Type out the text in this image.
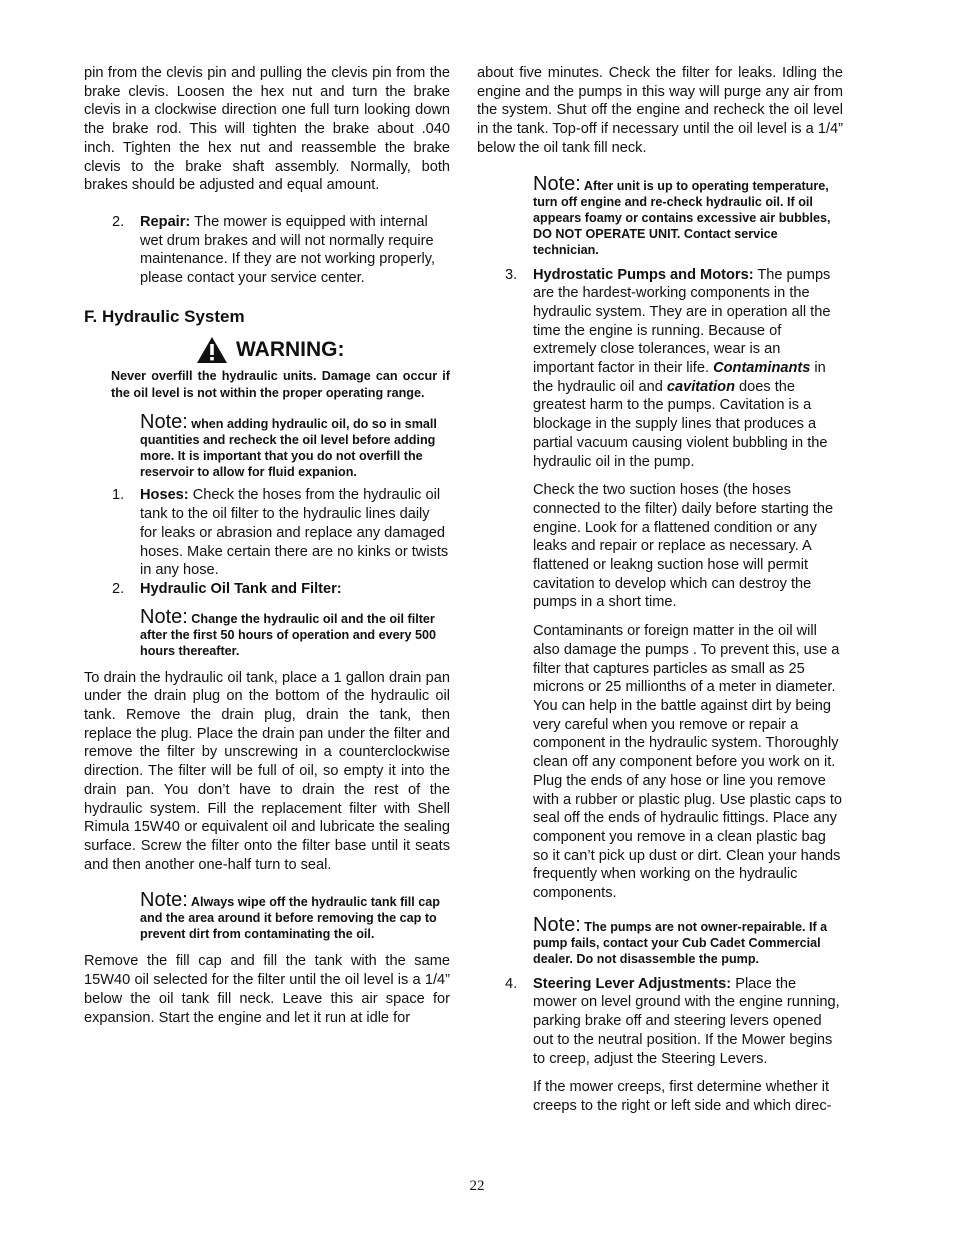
pin from the clevis pin and pulling the clevis pin from the brake clevis. Loosen the hex nut and turn the brake clevis in a clockwise direction one full turn looking down the brake rod. This will tighten the brake about .040 inch. Tighten the hex nut and reassemble the brake clevis to the brake shaft assembly. Normally, both brakes should be adjusted and equal amount.

2. Repair: The mower is equipped with internal wet drum brakes and will not normally require maintenance. If they are not working properly, please contact your service center.
F. Hydraulic System
WARNING:

Never overfill the hydraulic units. Damage can occur if the oil level is not within the proper operating range.

Note: when adding hydraulic oil, do so in small quantities and recheck the oil level before adding more. It is important that you do not overfill the reservoir to allow for fluid expanion.

1. Hoses: Check the hoses from the hydraulic oil tank to the oil filter to the hydraulic lines daily for leaks or abrasion and replace any damaged hoses. Make certain there are no kinks or twists in any hose.
2. Hydraulic Oil Tank and Filter:

Note: Change the hydraulic oil and the oil filter after the first 50 hours of operation and every 500 hours thereafter.

To drain the hydraulic oil tank, place a 1 gallon drain pan under the drain plug on the bottom of the hydraulic oil tank. Remove the drain plug, drain the tank, then replace the plug. Place the drain pan under the filter and remove the filter by unscrewing in a counterclockwise direction. The filter will be full of oil, so empty it into the drain pan. You don’t have to drain the rest of the hydraulic system. Fill the replacement filter with Shell Rimula 15W40 or equivalent oil and lubricate the sealing surface. Screw the filter onto the filter base until it seats and then another one-half turn to seal.

Note: Always wipe off the hydraulic tank fill cap and the area around it before removing the cap to prevent dirt from contaminating the oil.

Remove the fill cap and fill the tank with the same 15W40 oil selected for the filter until the oil level is a 1/4” below the oil tank fill neck. Leave this air space for expansion. Start the engine and let it run at idle for

about five minutes. Check the filter for leaks. Idling the engine and the pumps in this way will purge any air from the system. Shut off the engine and recheck the oil level in the tank. Top-off if necessary until the oil level is a 1/4” below the oil tank fill neck.

Note: After unit is up to operating temperature, turn off engine and re-check hydraulic oil. If oil appears foamy or contains excessive air bubbles, DO NOT OPERATE UNIT. Contact service technician.

3. Hydrostatic Pumps and Motors: The pumps are the hardest-working components in the hydraulic system. They are in operation all the time the engine is running. Because of extremely close tolerances, wear is an important factor in their life. Contaminants in the hydraulic oil and cavitation does the greatest harm to the pumps. Cavitation is a blockage in the supply lines that produces a partial vacuum causing violent bubbling in the hydraulic oil in the pump.

Check the two suction hoses (the hoses connected to the filter) daily before starting the engine. Look for a flattened condition or any leaks and repair or replace as necessary. A flattened or leakng suction hose will permit cavitation to develop which can destroy the pumps in a short time.

Contaminants or foreign matter in the oil will also damage the pumps . To prevent this, use a filter that captures particles as small as 25 microns or 25 millionths of a meter in diameter. You can help in the battle against dirt by being very careful when you remove or repair a component in the hydraulic system. Thoroughly clean off any component before you work on it. Plug the ends of any hose or line you remove with a rubber or plastic plug. Use plastic caps to seal off the ends of hydraulic fittings. Place any component you remove in a clean plastic bag so it can’t pick up dust or dirt. Clean your hands frequently when working on the hydraulic components.

Note: The pumps are not owner-repairable. If a pump fails, contact your Cub Cadet Commercial dealer. Do not disassemble the pump.

4. Steering Lever Adjustments: Place the mower on level ground with the engine running, parking brake off and steering levers opened out to the neutral position. If the Mower begins to creep, adjust the Steering Levers.

If the mower creeps, first determine whether it creeps to the right or left side and which direc-

22
